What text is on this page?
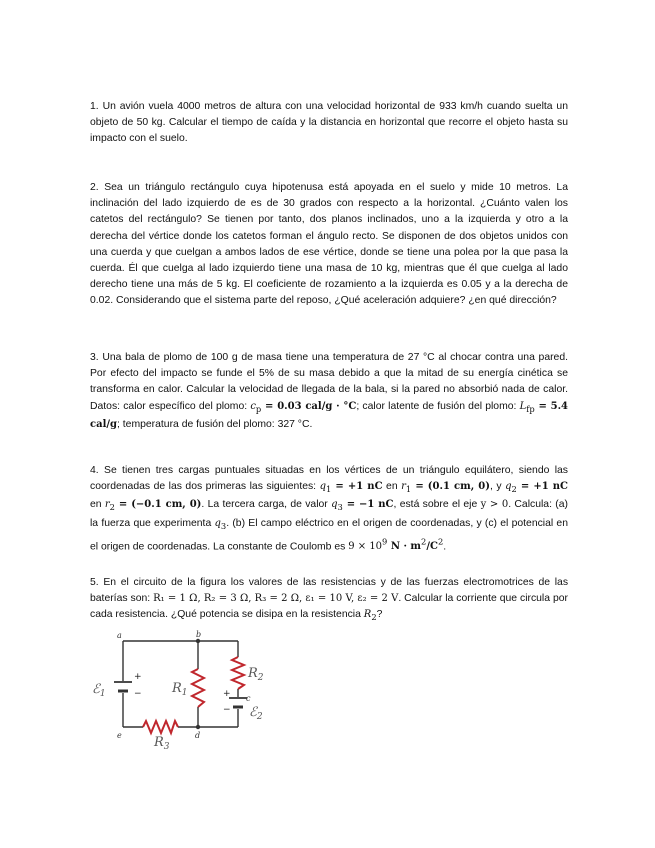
1. Un avión vuela 4000 metros de altura con una velocidad horizontal de 933 km/h cuando suelta un objeto de 50 kg. Calcular el tiempo de caída y la distancia en horizontal que recorre el objeto hasta su impacto con el suelo.

2. Sea un triángulo rectángulo cuya hipotenusa está apoyada en el suelo y mide 10 metros. La inclinación del lado izquierdo de es de 30 grados con respecto a la horizontal. ¿Cuánto valen los catetos del rectángulo? Se tienen por tanto, dos planos inclinados, uno a la izquierda y otro a la derecha del vértice donde los catetos forman el ángulo recto. Se disponen de dos objetos unidos con una cuerda y que cuelgan a ambos lados de ese vértice, donde se tiene una polea por la que pasa la cuerda. Él que cuelga al lado izquierdo tiene una masa de 10 kg, mientras que él que cuelga al lado derecho tiene una más de 5 kg. El coeficiente de rozamiento a la izquierda es 0.05 y a la derecha de 0.02. Considerando que el sistema parte del reposo, ¿Qué aceleración adquiere? ¿en qué dirección?

3. Una bala de plomo de 100 g de masa tiene una temperatura de 27 °C al chocar contra una pared. Por efecto del impacto se funde el 5% de su masa debido a que la mitad de su energía cinética se transforma en calor. Calcular la velocidad de llegada de la bala, si la pared no absorbió nada de calor. Datos: calor específico del plomo: $c_p = 0.03$ cal/g · °C; calor latente de fusión del plomo: $L_{fp} = 5.4$ cal/g; temperatura de fusión del plomo: 327 °C.

4. Se tienen tres cargas puntuales situadas en los vértices de un triángulo equilátero, siendo las coordenadas de las dos primeras las siguientes: $q_1 = +1$ nC en $r_1 = (0.1$ cm, 0), y $q_2 = +1$ nC en $r_2 = (-0.1$ cm, 0). La tercera carga, de valor $q_3 = -1$ nC, está sobre el eje y > 0. Calcula: (a) la fuerza que experimenta $q_3$. (b) El campo eléctrico en el origen de coordenadas, y (c) el potencial en el origen de coordenadas. La constante de Coulomb es $9 \times 10^9$ $N \cdot m^2/C^2$.

5. En el circuito de la figura los valores de las resistencias y de las fuerzas electromotrices de las baterías son: R₁ = 1 Ω, R₂ = 3 Ω, R₃ = 2 Ω, ε₁ = 10 V, ε₂ = 2 V. Calcular la corriente que circula por cada resistencia. ¿Qué potencia se disipa en la resistencia $R_2$?

a	b
c
d
e
ℰ$_1$	$R_1$
$R_2$
ℰ$_2$
$R_3$
+
−	+
−
